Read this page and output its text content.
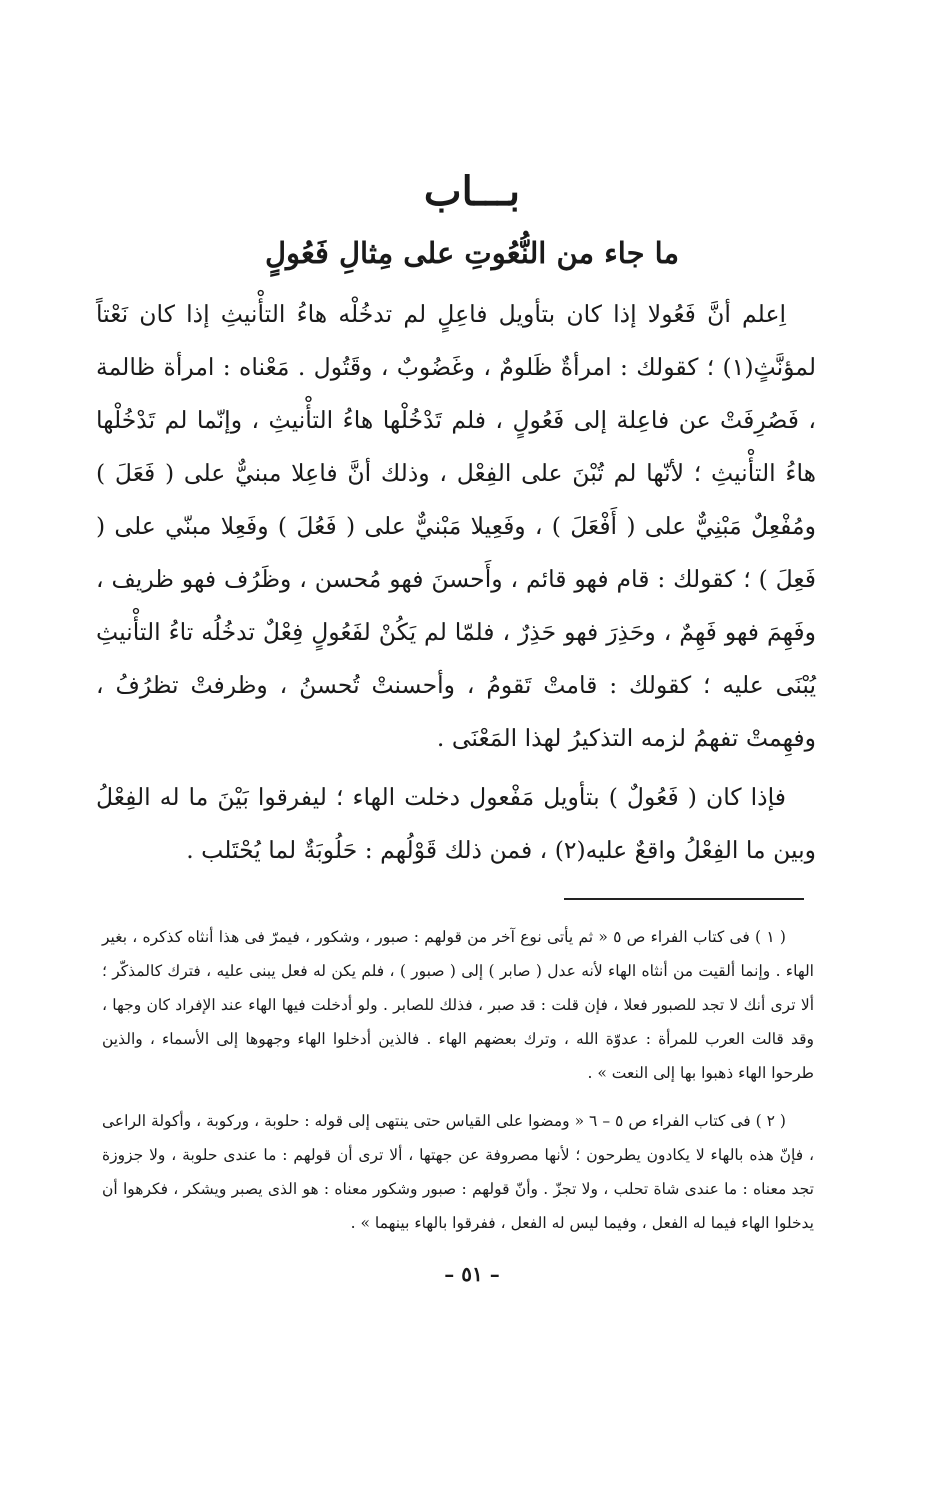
بـــاب
ما جاء من النُّعُوتِ على مِثالِ فَعُولٍ

اِعلم أنَّ فَعُولا إذا كان بتأويل فاعِلٍ لم تدخُلْه هاءُ التأْنيثِ إذا كان نَعْتاً لمؤنَّثٍ(١) ؛ كقولك : امرأةٌ ظَلومٌ ، وغَضُوبٌ ، وقَتُول . مَعْناه : امرأة ظالمة ، فَصُرِفَتْ عن فاعِلة إلى فَعُولٍ ، فلم تَدْخُلْها هاءُ التأْنيثِ ، وإنّما لم تَدْخُلْها هاءُ التأْنيثِ ؛ لأنّها لم تُبْنَ على الفِعْل ، وذلك أنَّ فاعِلا مبنيٌّ على ( فَعَلَ ) ومُفْعِلٌ مَبْنِيٌّ على ( أَفْعَلَ ) ، وفَعِيلا مَبْنيٌّ على ( فَعُلَ ) وفَعِلا مبنّي على ( فَعِلَ ) ؛ كقولك : قام فهو قائم ، وأَحسنَ فهو مُحسن ، وظَرُف فهو ظريف ، وفَهِمَ فهو فَهِمٌ ، وحَذِرَ فهو حَذِرٌ ، فلمّا لم يَكُنْ لفَعُولٍ فِعْلٌ تدخُلُه تاءُ التأْنيثِ يُبْنَى عليه ؛ كقولك : قامتْ تَقومُ ، وأحسنتْ تُحسنُ ، وظرفتْ تظرُفُ ، وفهِمتْ تفهمُ لزمه التذكيرُ لهذا المَعْنَى .

فإذا كان ( فَعُولٌ ) بتأويل مَفْعول دخلت الهاء ؛ ليفرقوا بَيْنَ ما له الفِعْلُ وبين ما الفِعْلُ واقعٌ عليه(٢) ، فمن ذلك قَوْلُهم : حَلُوبَةٌ لما يُحْتَلب .

( ١ ) فى كتاب الفراء ص ٥ « ثم يأتى نوع آخر من قولهم : صبور ، وشكور ، فيمرّ فى هذا أنثاه كذكره ، بغير الهاء . وإنما ألقيت من أنثاه الهاء لأنه عدل ( صابر ) إلى ( صبور ) ، فلم يكن له فعل يبنى عليه ، فترك كالمذكّر ؛ ألا ترى أنك لا تجد للصبور فعلا ، فإن قلت : قد صبر ، فذلك للصابر . ولو أدخلت فيها الهاء عند الإفراد كان وجها ، وقد قالت العرب للمرأة : عدوّة الله ، وترك بعضهم الهاء . فالذين أدخلوا الهاء وجهوها إلى الأسماء ، والذين طرحوا الهاء ذهبوا بها إلى النعت » .

( ٢ ) فى كتاب الفراء ص ٥ – ٦ « ومضوا على القياس حتى ينتهى إلى قوله : حلوبة ، وركوبة ، وأكولة الراعى ، فإنّ هذه بالهاء لا يكادون يطرحون ؛ لأنها مصروفة عن جهتها ، ألا ترى أن قولهم : ما عندى حلوبة ، ولا جزوزة تجد معناه : ما عندى شاة تحلب ، ولا تجزّ . وأنّ قولهم : صبور وشكور معناه : هو الذى يصبر ويشكر ، فكرهوا أن يدخلوا الهاء فيما له الفعل ، وفيما ليس له الفعل ، ففرقوا بالهاء بينهما » .

– ٥١ –
